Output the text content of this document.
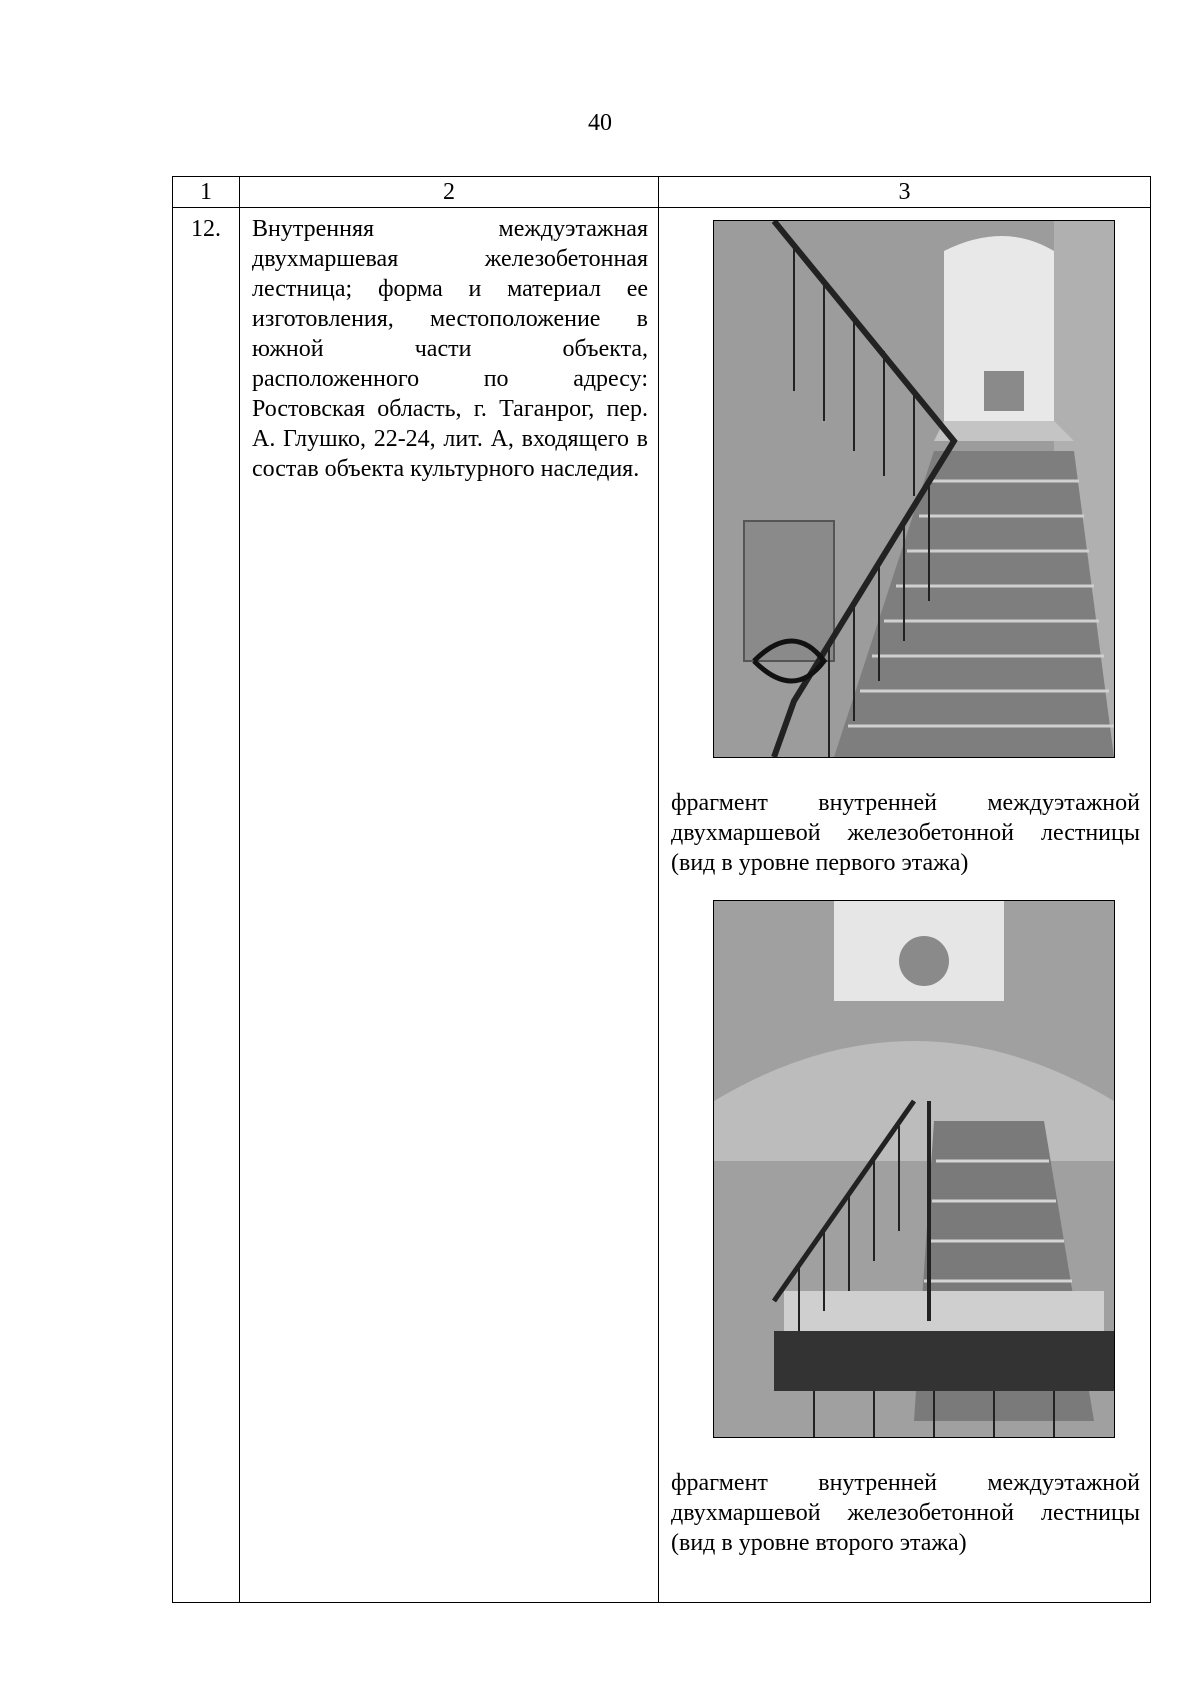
40
1	2	3
12.	Внутренняя междуэтажная двухмаршевая железобетонная лестница; форма и материал ее изготовления, местоположение в южной части объекта, расположенного по адресу: Ростовская область, г. Таганрог, пер. А. Глушко, 22-24, лит. А, входящего в состав объекта культурного наследия.	фрагмент внутренней междуэтажной двухмаршевой железобетонной лестницы (вид в уровне первого этажа)
фрагмент внутренней междуэтажной двухмаршевой железобетонной лестницы (вид в уровне второго этажа)
